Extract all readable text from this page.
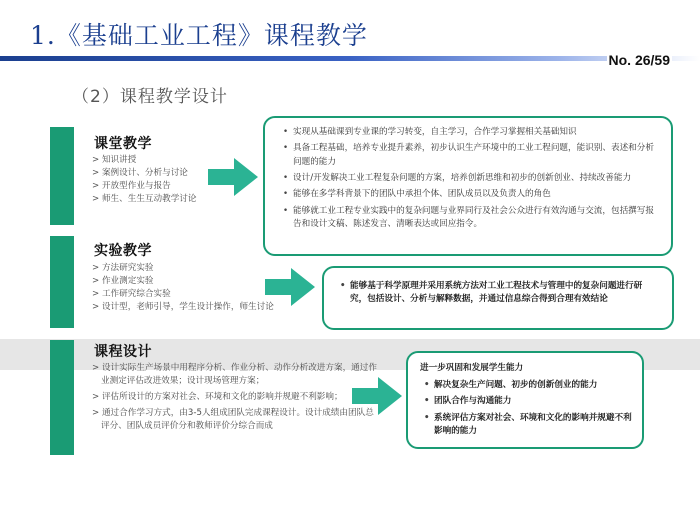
1.《基础工业工程》课程教学
No. 26/59
（2）课程教学设计
课堂教学
> 知识讲授
> 案例设计、分析与讨论
> 开放型作业与报告
> 师生、生生互动教学讨论
实验教学
> 方法研究实验
> 作业测定实验
> 工作研究综合实验
> 设计型，老师引导，学生设计操作，师生讨论
课程设计
> 设计实际生产场景中用程序分析、作业分析、动作分析改进方案，通过作业测定评估改进效果；设计现场管理方案；
> 评估所设计的方案对社会、环境和文化的影响并规避不利影响；
> 通过合作学习方式，由3-5人组成团队完成课程设计。设计成绩由团队总评分、团队成员评价分和教师评价分综合而成
• 实现从基础课到专业课的学习转变，自主学习，合作学习掌握相关基础知识
• 具备工程基础，培养专业提升素养，初步认识生产环境中的工业工程问题，能识别、表述和分析问题的能力
• 设计/开发解决工业工程复杂问题的方案，培养创新思维和初步的创新创业、持续改善能力
• 能够在多学科背景下的团队中承担个体、团队成员以及负责人的角色
• 能够就工业工程专业实践中的复杂问题与业界同行及社会公众进行有效沟通与交流，包括撰写报告和设计文稿、陈述发言、清晰表达或回应指令。
• 能够基于科学原理并采用系统方法对工业工程技术与管理中的复杂问题进行研究，包括设计、分析与解释数据，并通过信息综合得到合理有效结论
进一步巩固和发展学生能力
• 解决复杂生产问题、初步的创新创业的能力
• 团队合作与沟通能力
• 系统评估方案对社会、环境和文化的影响并规避不利影响的能力
